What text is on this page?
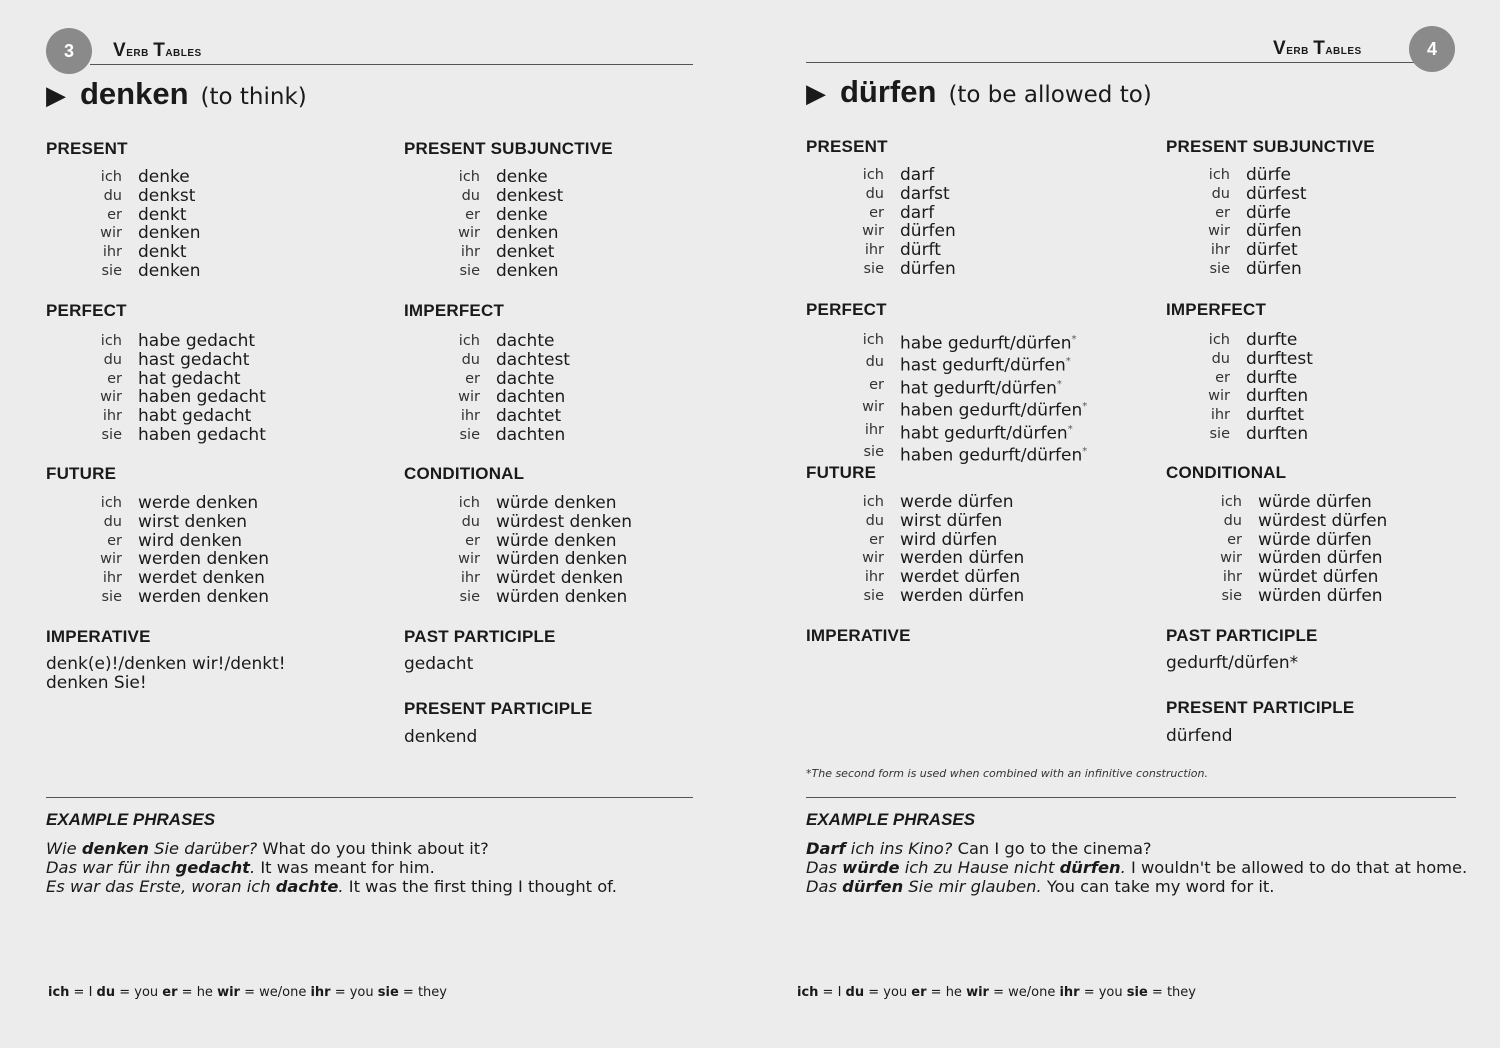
3	Verb Tables
▶ denken (to think)
PRESENT
ich denke
du denkst
er denkt
wir denken
ihr denkt
sie denken
PRESENT SUBJUNCTIVE
ich denke
du denkest
er denke
wir denken
ihr denket
sie denken
PERFECT
ich habe gedacht
du hast gedacht
er hat gedacht
wir haben gedacht
ihr habt gedacht
sie haben gedacht
IMPERFECT
ich dachte
du dachtest
er dachte
wir dachten
ihr dachtet
sie dachten
FUTURE
ich werde denken
du wirst denken
er wird denken
wir werden denken
ihr werdet denken
sie werden denken
CONDITIONAL
ich würde denken
du würdest denken
er würde denken
wir würden denken
ihr würdet denken
sie würden denken
IMPERATIVE
denk(e)!/denken wir!/denkt!
denken Sie!
PAST PARTICIPLE
gedacht
PRESENT PARTICIPLE
denkend
EXAMPLE PHRASES
Wie denken Sie darüber? What do you think about it?
Das war für ihn gedacht. It was meant for him.
Es war das Erste, woran ich dachte. It was the first thing I thought of.
ich = I du = you er = he wir = we/one ihr = you sie = they
Verb Tables	4
▶ dürfen (to be allowed to)
PRESENT
ich darf
du darfst
er darf
wir dürfen
ihr dürft
sie dürfen
PRESENT SUBJUNCTIVE
ich dürfe
du dürfest
er dürfe
wir dürfen
ihr dürfet
sie dürfen
PERFECT
ich habe gedurft/dürfen*
du hast gedurft/dürfen*
er hat gedurft/dürfen*
wir haben gedurft/dürfen*
ihr habt gedurft/dürfen*
sie haben gedurft/dürfen*
IMPERFECT
ich durfte
du durftest
er durfte
wir durften
ihr durftet
sie durften
FUTURE
ich werde dürfen
du wirst dürfen
er wird dürfen
wir werden dürfen
ihr werdet dürfen
sie werden dürfen
CONDITIONAL
ich würde dürfen
du würdest dürfen
er würde dürfen
wir würden dürfen
ihr würdet dürfen
sie würden dürfen
IMPERATIVE	PAST PARTICIPLE
gedurft/dürfen*
PRESENT PARTICIPLE
dürfend
*The second form is used when combined with an infinitive construction.
EXAMPLE PHRASES
Darf ich ins Kino? Can I go to the cinema?
Das würde ich zu Hause nicht dürfen. I wouldn't be allowed to do that at home.
Das dürfen Sie mir glauben. You can take my word for it.
ich = I du = you er = he wir = we/one ihr = you sie = they
